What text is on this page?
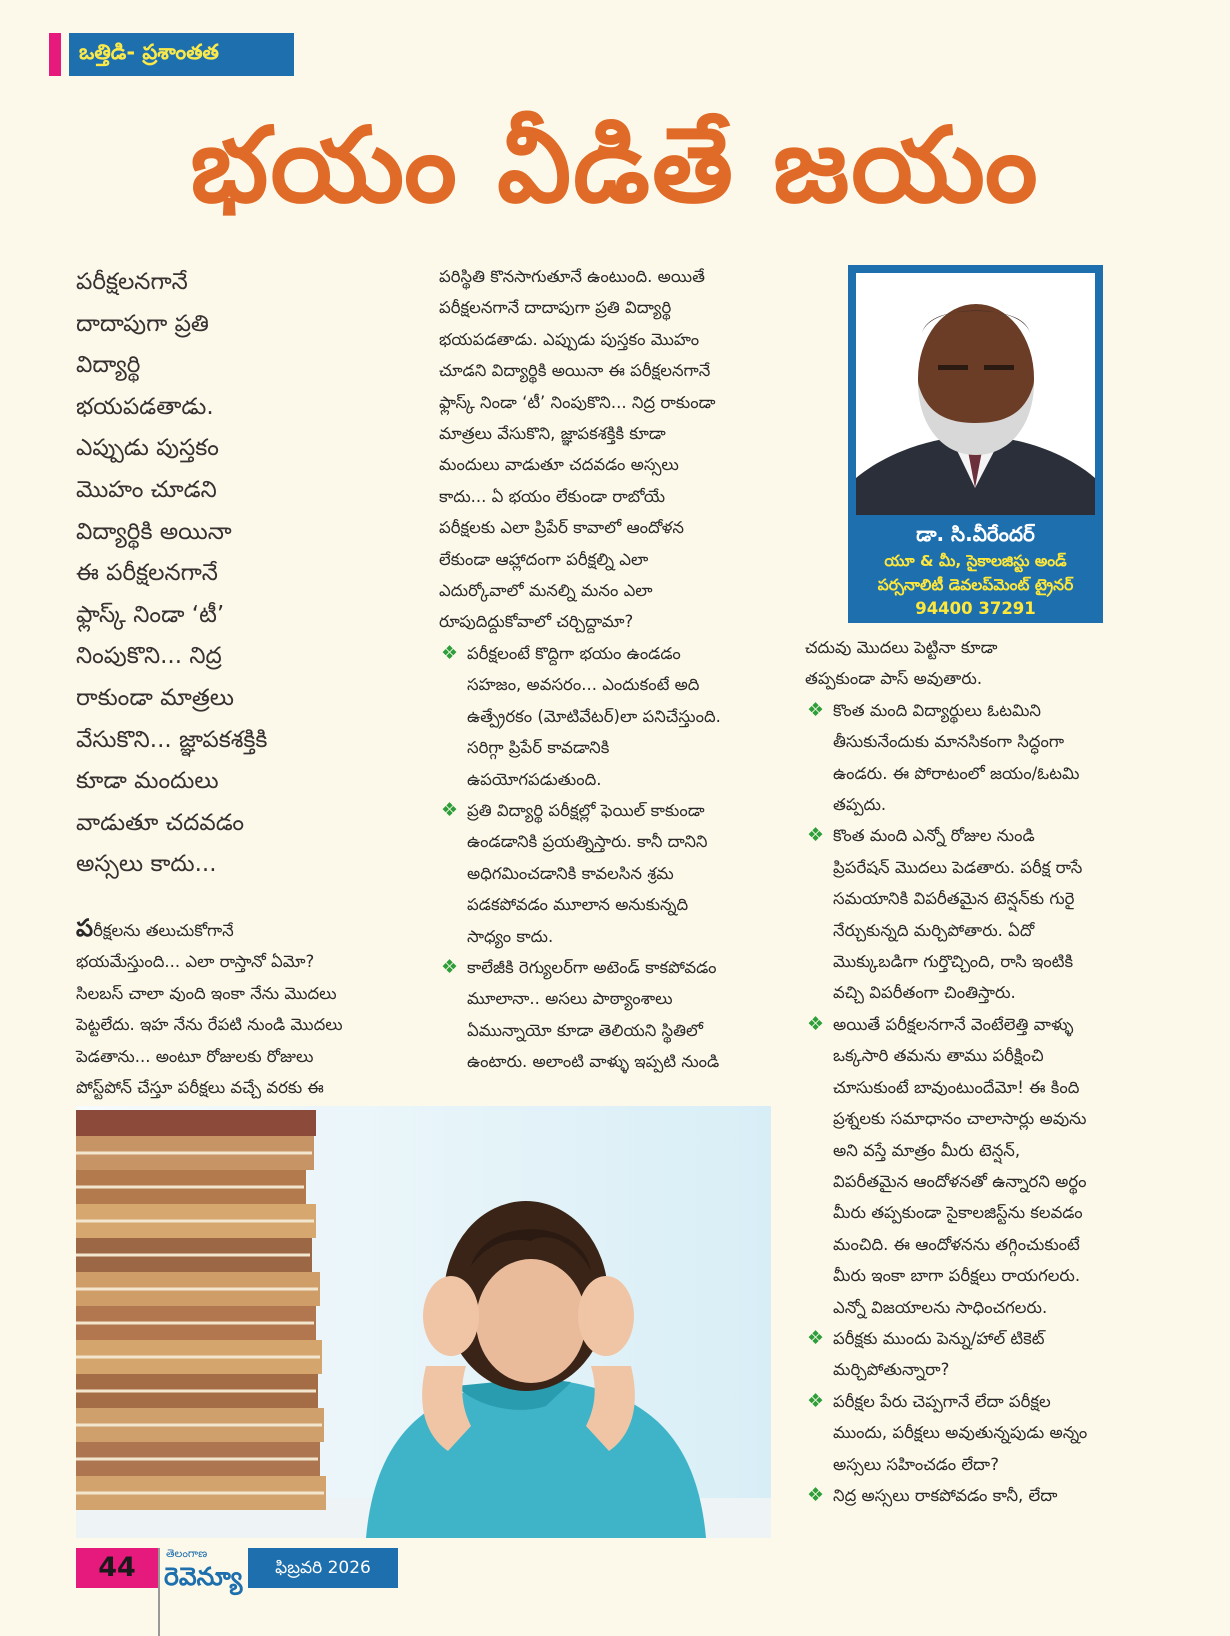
ఒత్తిడి- ప్రశాంతత
భయం వీడితే జయం
పరీక్షలనగానే
దాదాపుగా ప్రతి
విద్యార్థి
భయపడతాడు.
ఎప్పుడు పుస్తకం
మొహం చూడని
విద్యార్థికి అయినా
ఈ పరీక్షలనగానే
ఫ్లాస్క్ నిండా ‘టీ’
నింపుకొని... నిద్ర
రాకుండా మాత్రలు
వేసుకొని... జ్ఞాపకశక్తికి
కూడా మందులు
వాడుతూ చదవడం
అస్సలు కాదు...
పరీక్షలను తలుచుకోగానే
భయమేస్తుంది... ఎలా రాస్తానో ఏమో?
సిలబస్ చాలా వుంది ఇంకా నేను మొదలు
పెట్టలేదు. ఇహ నేను రేపటి నుండి మొదలు
పెడతాను... అంటూ రోజులకు రోజులు
పోస్ట్‌పోన్ చేస్తూ పరీక్షలు వచ్చే వరకు ఈ
పరిస్థితి కొనసాగుతూనే ఉంటుంది. అయితే
పరీక్షలనగానే దాదాపుగా ప్రతి విద్యార్థి
భయపడతాడు. ఎప్పుడు పుస్తకం మొహం
చూడని విద్యార్థికి అయినా ఈ పరీక్షలనగానే
ఫ్లాస్క్ నిండా ‘టీ’ నింపుకొని... నిద్ర రాకుండా
మాత్రలు వేసుకొని, జ్ఞాపకశక్తికి కూడా
మందులు వాడుతూ చదవడం అస్సలు
కాదు... ఏ భయం లేకుండా రాబోయే
పరీక్షలకు ఎలా ప్రిపేర్ కావాలో ఆందోళన
లేకుండా ఆహ్లాదంగా పరీక్షల్ని ఎలా
ఎదుర్కోవాలో మనల్ని మనం ఎలా
రూపుదిద్దుకోవాలో చర్చిద్దామా?
❖ పరీక్షలంటే కొద్దిగా భయం ఉండడం
సహజం, అవసరం... ఎందుకంటే అది
ఉత్ప్రేరకం (మోటివేటర్)లా పనిచేస్తుంది.
సరిగ్గా ప్రిపేర్ కావడానికి
ఉపయోగపడుతుంది.
❖ ప్రతి విద్యార్థి పరీక్షల్లో ఫెయిల్ కాకుండా
ఉండడానికి ప్రయత్నిస్తారు. కానీ దానిని
అధిగమించడానికి కావలసిన శ్రమ
పడకపోవడం మూలాన అనుకున్నది
సాధ్యం కాదు.
❖ కాలేజీకి రెగ్యులర్‌గా అటెండ్ కాకపోవడం
మూలానా.. అసలు పాఠ్యాంశాలు
ఏమున్నాయో కూడా తెలియని స్థితిలో
ఉంటారు. అలాంటి వాళ్ళు ఇప్పటి నుండి
డా. సి.వీరేందర్
యూ & మీ, సైకాలజిస్టు అండ్
పర్సనాలిటీ డెవలప్‌మెంట్ ట్రైనర్
94400 37291
చదువు మొదలు పెట్టినా కూడా
తప్పకుండా పాస్ అవుతారు.
❖ కొంత మంది విద్యార్థులు ఓటమిని
తీసుకునేందుకు మానసికంగా సిద్ధంగా
ఉండరు. ఈ పోరాటంలో జయం/ఓటమి
తప్పదు.
❖ కొంత మంది ఎన్నో రోజుల నుండి
ప్రిపరేషన్ మొదలు పెడతారు. పరీక్ష రాసే
సమయానికి విపరీతమైన టెన్షన్‌కు గురై
నేర్చుకున్నది మర్చిపోతారు. ఏదో
మొక్కుబడిగా గుర్తొచ్చింది, రాసి ఇంటికి
వచ్చి విపరీతంగా చింతిస్తారు.
❖ అయితే పరీక్షలనగానే వెంటేలెత్తి వాళ్ళు
ఒక్కసారి తమను తాము పరీక్షించి
చూసుకుంటే బావుంటుందేమో! ఈ కింది
ప్రశ్నలకు సమాధానం చాలాసార్లు అవును
అని వస్తే మాత్రం మీరు టెన్షన్,
విపరీతమైన ఆందోళనతో ఉన్నారని అర్థం
మీరు తప్పకుండా సైకాలజిస్ట్‌ను కలవడం
మంచిది. ఈ ఆందోళనను తగ్గించుకుంటే
మీరు ఇంకా బాగా పరీక్షలు రాయగలరు.
ఎన్నో విజయాలను సాధించగలరు.
❖ పరీక్షకు ముందు పెన్ను/హాల్ టికెట్
మర్చిపోతున్నారా?
❖ పరీక్షల పేరు చెప్పగానే లేదా పరీక్షల
ముందు, పరీక్షలు అవుతున్నపుడు అన్నం
అస్సలు సహించడం లేదా?
❖ నిద్ర అస్సలు రాకపోవడం కానీ, లేదా
44	తెలంగాణ
రెవెన్యూ	ఫిబ్రవరి 2026
